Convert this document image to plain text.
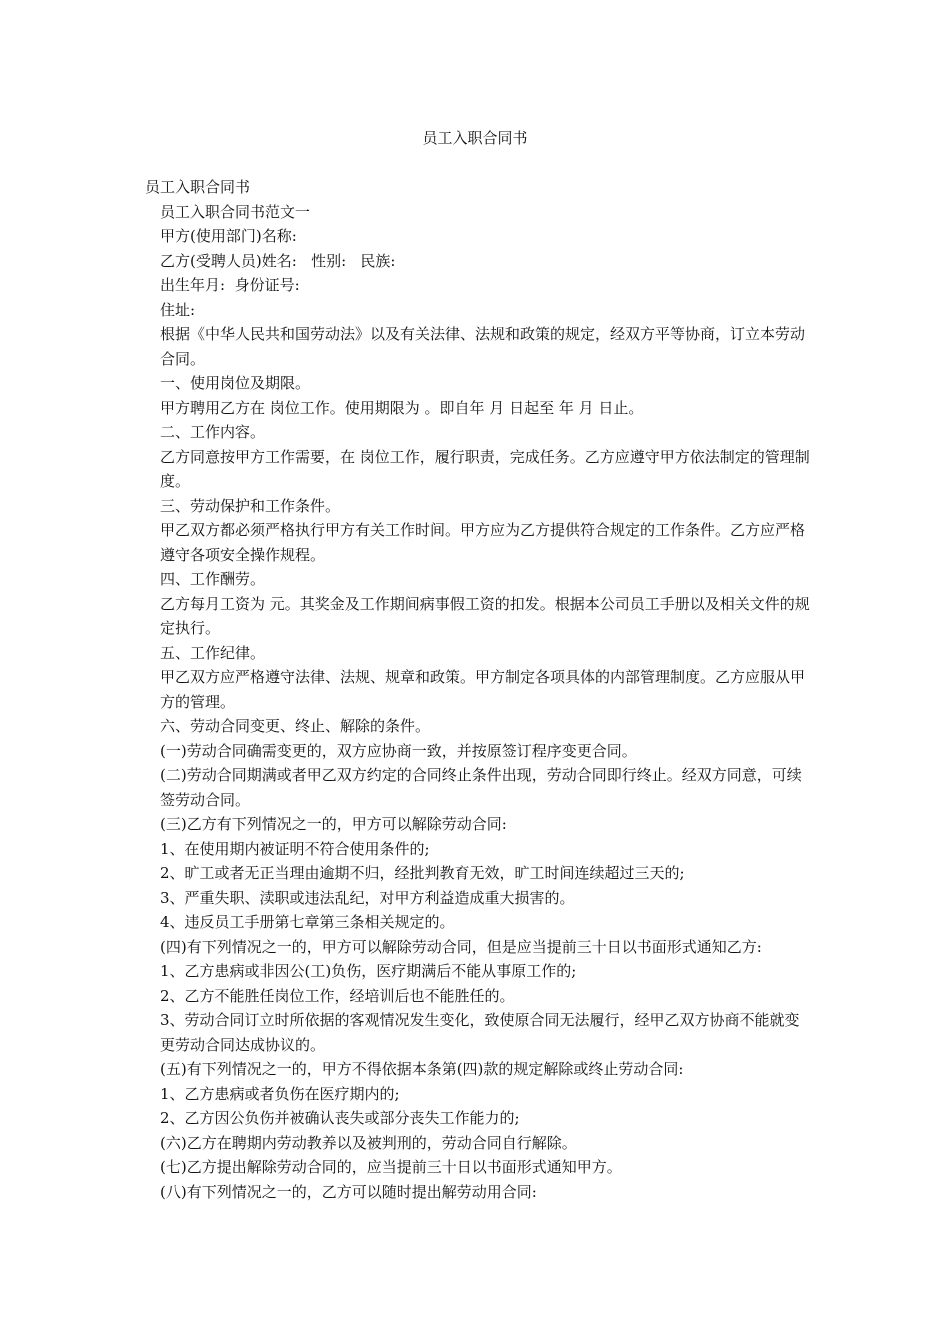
员工入职合同书

员工入职合同书

员工入职合同书范文一

甲方(使用部门)名称:

乙方(受聘人员)姓名:   性别:   民族:

出生年月:  身份证号:

住址:

根据《中华人民共和国劳动法》以及有关法律、法规和政策的规定，经双方平等协商，订立本劳动合同。

一、使用岗位及期限。

甲方聘用乙方在 岗位工作。使用期限为 。即自年 月 日起至 年 月 日止。

二、工作内容。

乙方同意按甲方工作需要，在 岗位工作，履行职责，完成任务。乙方应遵守甲方依法制定的管理制度。

三、劳动保护和工作条件。

甲乙双方都必须严格执行甲方有关工作时间。甲方应为乙方提供符合规定的工作条件。乙方应严格遵守各项安全操作规程。

四、工作酬劳。

乙方每月工资为 元。其奖金及工作期间病事假工资的扣发。根据本公司员工手册以及相关文件的规定执行。

五、工作纪律。

甲乙双方应严格遵守法律、法规、规章和政策。甲方制定各项具体的内部管理制度。乙方应服从甲方的管理。

六、劳动合同变更、终止、解除的条件。

(一)劳动合同确需变更的，双方应协商一致，并按原签订程序变更合同。

(二)劳动合同期满或者甲乙双方约定的合同终止条件出现，劳动合同即行终止。经双方同意，可续签劳动合同。

(三)乙方有下列情况之一的，甲方可以解除劳动合同:

1、在使用期内被证明不符合使用条件的;

2、旷工或者无正当理由逾期不归，经批判教育无效，旷工时间连续超过三天的;

3、严重失职、渎职或违法乱纪，对甲方利益造成重大损害的。

4、违反员工手册第七章第三条相关规定的。

(四)有下列情况之一的，甲方可以解除劳动合同，但是应当提前三十日以书面形式通知乙方:

1、乙方患病或非因公(工)负伤，医疗期满后不能从事原工作的;

2、乙方不能胜任岗位工作，经培训后也不能胜任的。

3、劳动合同订立时所依据的客观情况发生变化，致使原合同无法履行，经甲乙双方协商不能就变更劳动合同达成协议的。

(五)有下列情况之一的，甲方不得依据本条第(四)款的规定解除或终止劳动合同:

1、乙方患病或者负伤在医疗期内的;

2、乙方因公负伤并被确认丧失或部分丧失工作能力的;

(六)乙方在聘期内劳动教养以及被判刑的，劳动合同自行解除。

(七)乙方提出解除劳动合同的，应当提前三十日以书面形式通知甲方。

(八)有下列情况之一的，乙方可以随时提出解劳动用合同:
